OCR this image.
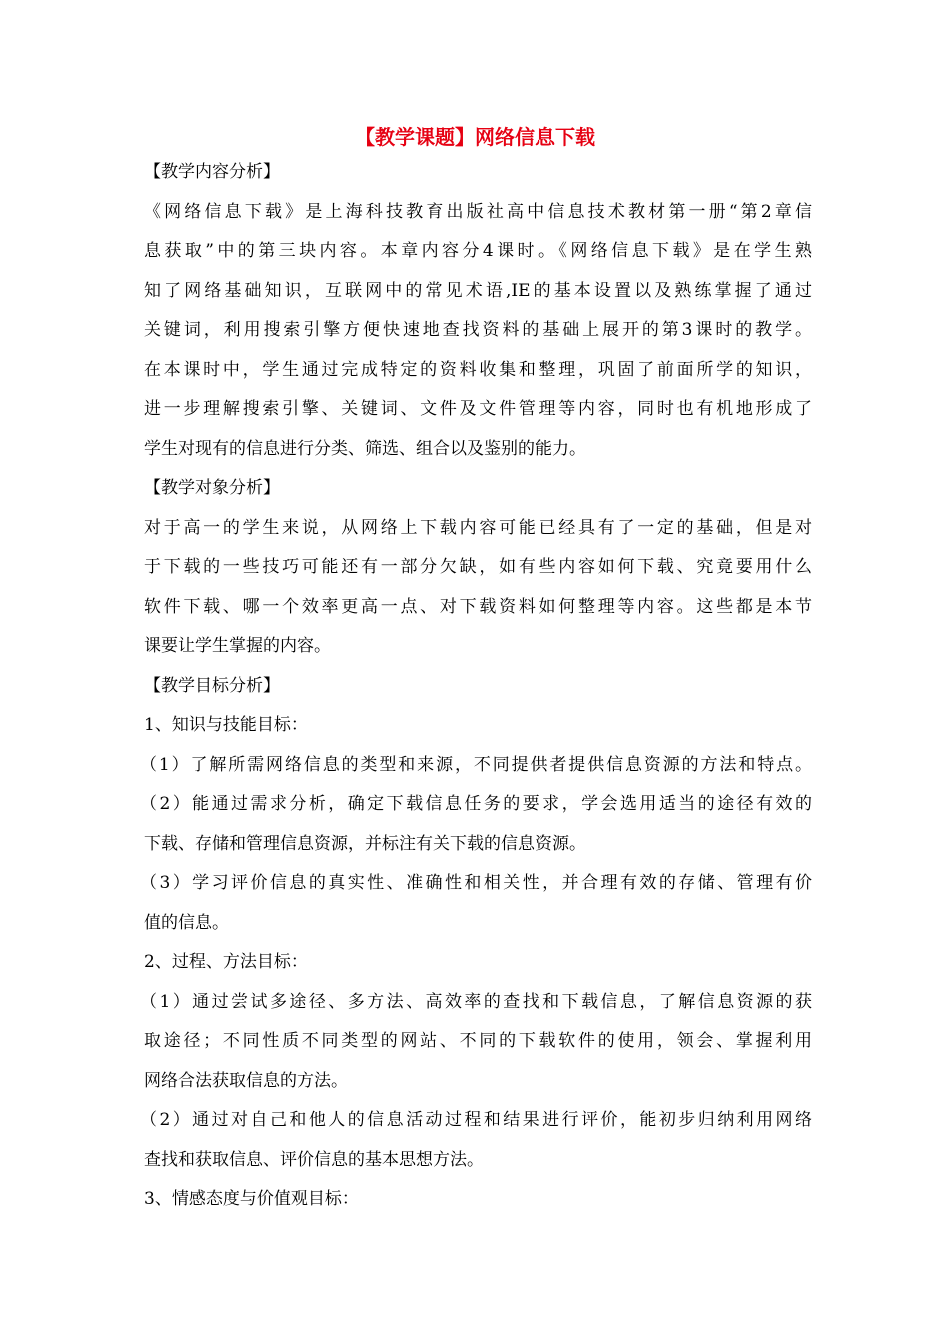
【教学课题】网络信息下载
【教学内容分析】
《网络信息下载》是上海科技教育出版社高中信息技术教材第一册“第2章信
息获取”中的第三块内容。本章内容分4课时。《网络信息下载》是在学生熟
知了网络基础知识，互联网中的常见术语,IE的基本设置以及熟练掌握了通过
关键词，利用搜索引擎方便快速地查找资料的基础上展开的第3课时的教学。
在本课时中，学生通过完成特定的资料收集和整理，巩固了前面所学的知识，
进一步理解搜索引擎、关键词、文件及文件管理等内容，同时也有机地形成了
学生对现有的信息进行分类、筛选、组合以及鉴别的能力。
【教学对象分析】
对于高一的学生来说，从网络上下载内容可能已经具有了一定的基础，但是对
于下载的一些技巧可能还有一部分欠缺，如有些内容如何下载、究竟要用什么
软件下载、哪一个效率更高一点、对下载资料如何整理等内容。这些都是本节
课要让学生掌握的内容。
【教学目标分析】
1、知识与技能目标：
（1）了解所需网络信息的类型和来源，不同提供者提供信息资源的方法和特点。
（2）能通过需求分析，确定下载信息任务的要求，学会选用适当的途径有效的
下载、存储和管理信息资源，并标注有关下载的信息资源。
（3）学习评价信息的真实性、准确性和相关性，并合理有效的存储、管理有价
值的信息。
2、过程、方法目标：
（1）通过尝试多途径、多方法、高效率的查找和下载信息，了解信息资源的获
取途径；不同性质不同类型的网站、不同的下载软件的使用，领会、掌握利用
网络合法获取信息的方法。
（2）通过对自己和他人的信息活动过程和结果进行评价，能初步归纳利用网络
查找和获取信息、评价信息的基本思想方法。
3、情感态度与价值观目标：
